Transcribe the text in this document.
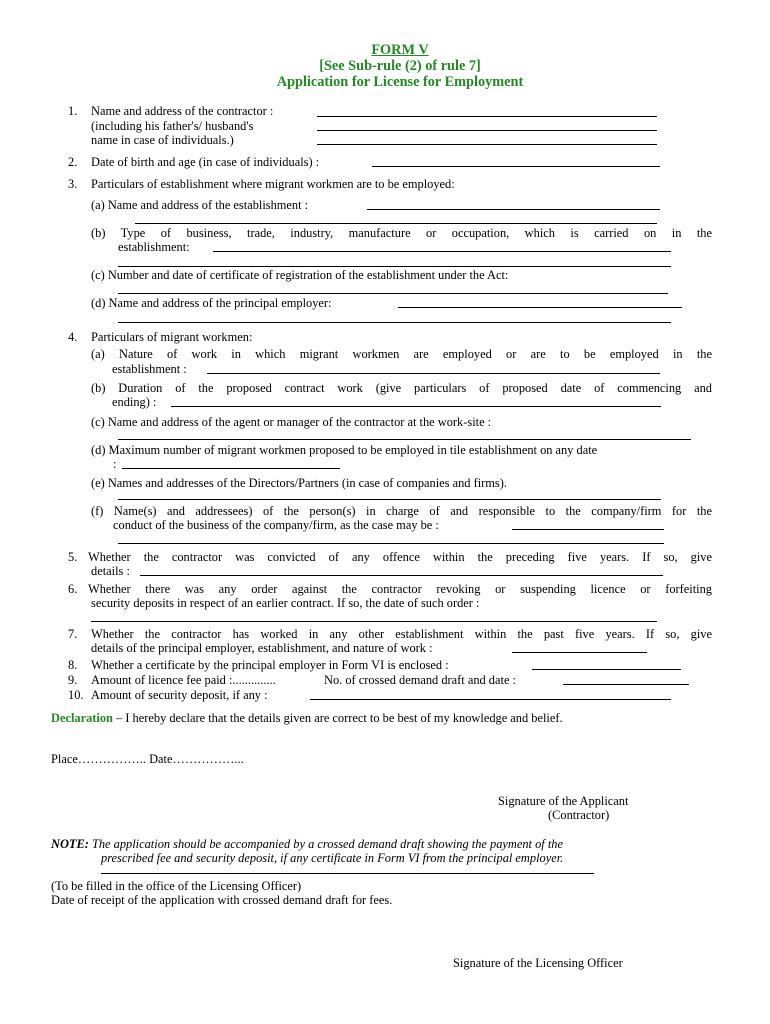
FORM V
[See Sub-rule (2) of rule 7]
Application for License for Employment
1. Name and address of the contractor :
(including his father's/ husband's
name in case of individuals.)
2. Date of birth and age (in case of individuals) :
3. Particulars of establishment where migrant workmen are to be employed:
(a) Name and address of the establishment :
(b) Type of business, trade, industry, manufacture or occupation, which is carried on in the
establishment:
(c) Number and date of certificate of registration of the establishment under the Act:
(d) Name and address of the principal employer:
4. Particulars of migrant workmen:
(a) Nature of work in which migrant workmen are employed or are to be employed in the
establishment :
(b) Duration of the proposed contract work (give particulars of proposed date of commencing and
ending) :
(c) Name and address of the agent or manager of the contractor at the work-site :
(d) Maximum number of migrant workmen proposed to be employed in tile establishment on any date
:
(e) Names and addresses of the Directors/Partners (in case of companies and firms).
(f) Name(s) and addressees) of the person(s) in charge of and responsible to the company/firm for the
conduct of the business of the company/firm, as the case may be :
5. Whether the contractor was convicted of any offence within the preceding five years. If so, give
details :
6. Whether there was any order against the contractor revoking or suspending licence or forfeiting
security deposits in respect of an earlier contract. If so, the date of such order :
7. Whether the contractor has worked in any other establishment within the past five years. If so, give
details of the principal employer, establishment, and nature of work :
8. Whether a certificate by the principal employer in Form VI is enclosed :
9. Amount of licence fee paid :..............	No. of crossed demand draft and date :
10. Amount of security deposit, if any :
Declaration – I hereby declare that the details given are correct to be best of my knowledge and belief.
Place…………….. Date……………...
Signature of the Applicant
(Contractor)
NOTE: The application should be accompanied by a crossed demand draft showing the payment of the
prescribed fee and security deposit, if any certificate in Form VI from the principal employer.
(To be filled in the office of the Licensing Officer)
Date of receipt of the application with crossed demand draft for fees.
Signature of the Licensing Officer
